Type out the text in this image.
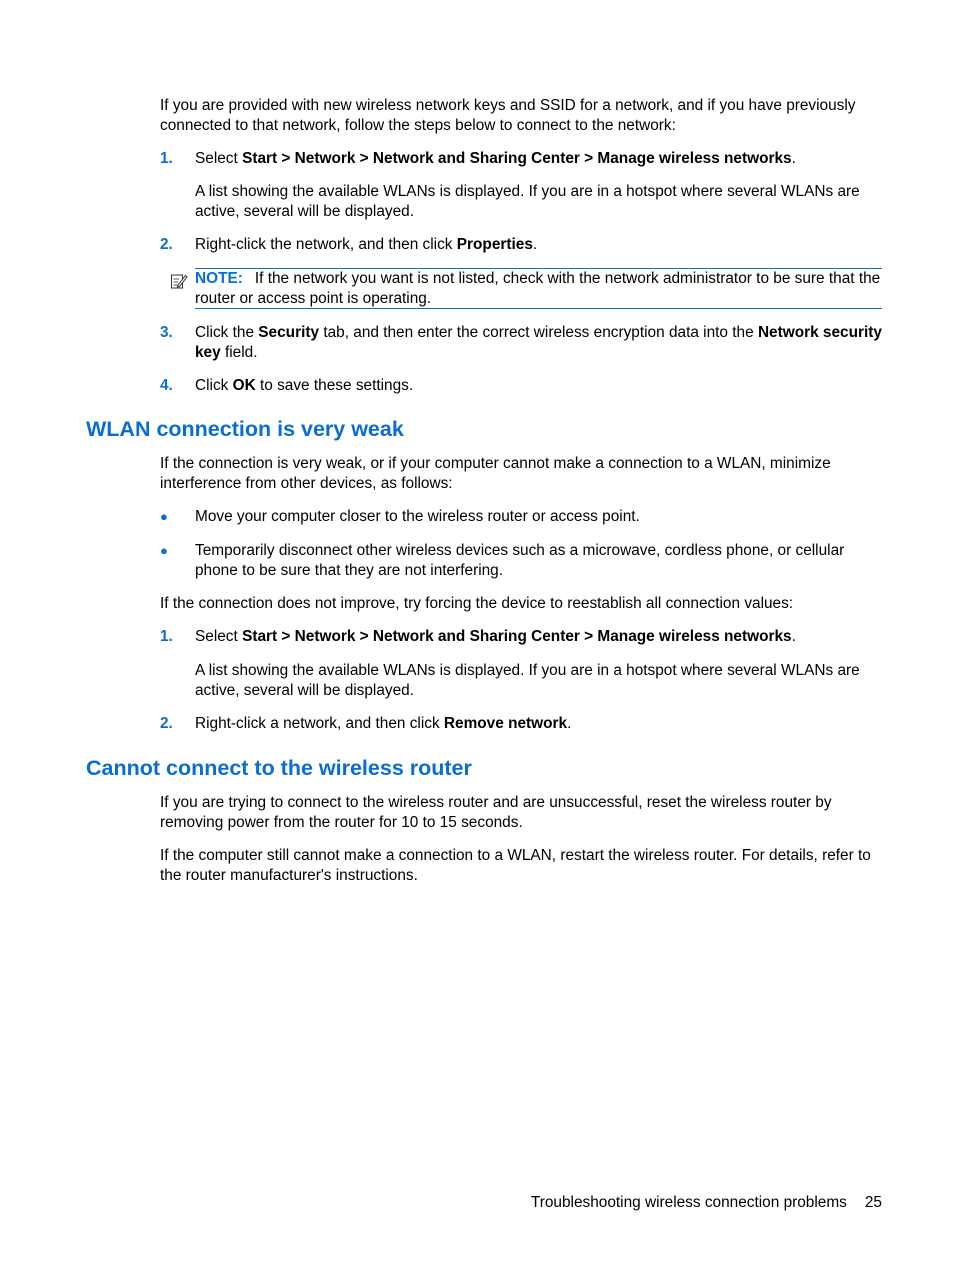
If you are provided with new wireless network keys and SSID for a network, and if you have previously connected to that network, follow the steps below to connect to the network:

1. Select Start > Network > Network and Sharing Center > Manage wireless networks.

A list showing the available WLANs is displayed. If you are in a hotspot where several WLANs are active, several will be displayed.

2. Right-click the network, and then click Properties.
NOTE: If the network you want is not listed, check with the network administrator to be sure that the router or access point is operating.
3. Click the Security tab, and then enter the correct wireless encryption data into the Network security key field.
4. Click OK to save these settings.
WLAN connection is very weak

If the connection is very weak, or if your computer cannot make a connection to a WLAN, minimize interference from other devices, as follows:

● Move your computer closer to the wireless router or access point.
● Temporarily disconnect other wireless devices such as a microwave, cordless phone, or cellular phone to be sure that they are not interfering.

If the connection does not improve, try forcing the device to reestablish all connection values:

1. Select Start > Network > Network and Sharing Center > Manage wireless networks.

A list showing the available WLANs is displayed. If you are in a hotspot where several WLANs are active, several will be displayed.

2. Right-click a network, and then click Remove network.
Cannot connect to the wireless router

If you are trying to connect to the wireless router and are unsuccessful, reset the wireless router by removing power from the router for 10 to 15 seconds.

If the computer still cannot make a connection to a WLAN, restart the wireless router. For details, refer to the router manufacturer's instructions.

Troubleshooting wireless connection problems 25
